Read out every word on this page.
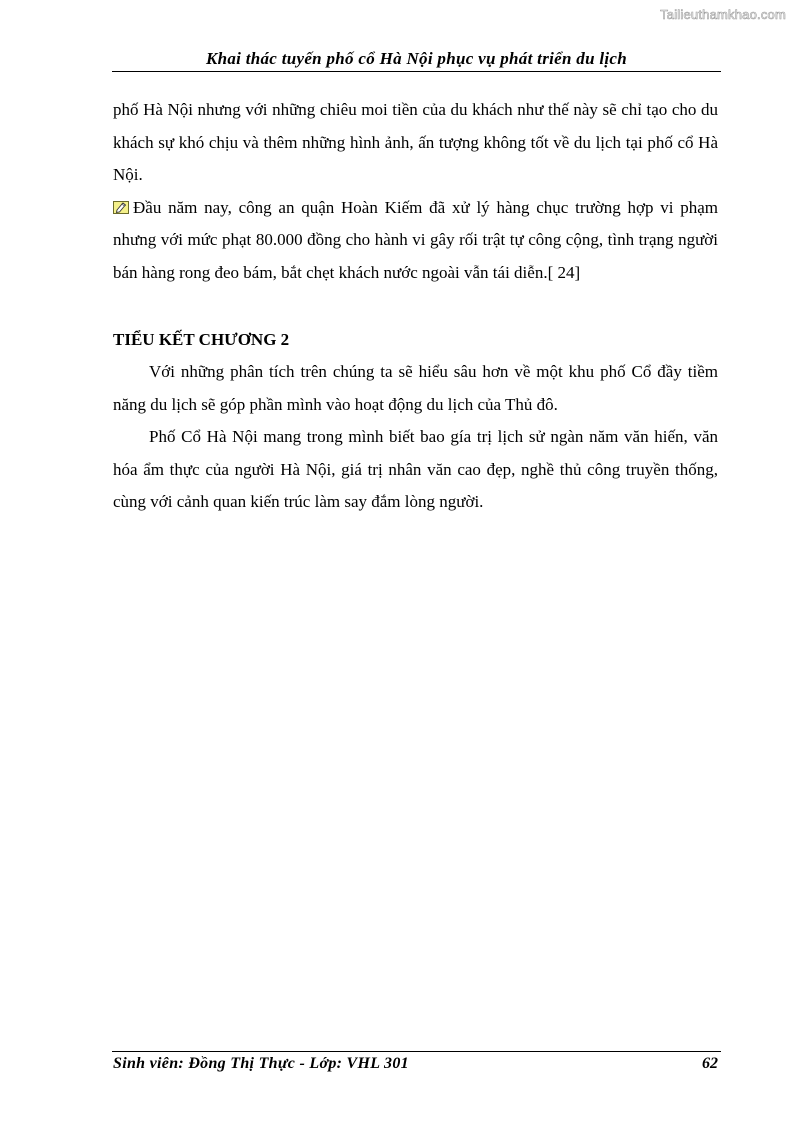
Tailieuthamkhao.com
Khai thác tuyến phố cổ Hà Nội phục vụ phát triển du lịch

phố Hà Nội nhưng với những chiêu moi tiền của du khách như thế này sẽ chỉ tạo cho du khách sự khó chịu và thêm những hình ảnh, ấn tượng không tốt về du lịch tại phố cổ Hà Nội.

Đầu năm nay, công an quận Hoàn Kiếm đã xử lý hàng chục trường hợp vi phạm nhưng với mức phạt 80.000 đồng cho hành vi gây rối trật tự công cộng, tình trạng người bán hàng rong đeo bám, bắt chẹt khách nước ngoài vẫn tái diễn.[ 24]

TIỂU KẾT CHƯƠNG 2

Với những phân tích trên chúng ta sẽ hiểu sâu hơn về một khu phố Cổ đầy tiềm năng du lịch sẽ góp phần mình vào hoạt động du lịch của Thủ đô.

Phố Cổ Hà Nội mang trong mình biết bao gía trị lịch sử ngàn năm văn hiến, văn hóa ẩm thực của người Hà Nội, giá trị nhân văn cao đẹp, nghề thủ công truyền thống, cùng với cảnh quan kiến trúc làm say đắm lòng người.

Sinh viên: Đồng Thị Thực - Lớp: VHL 301	62
